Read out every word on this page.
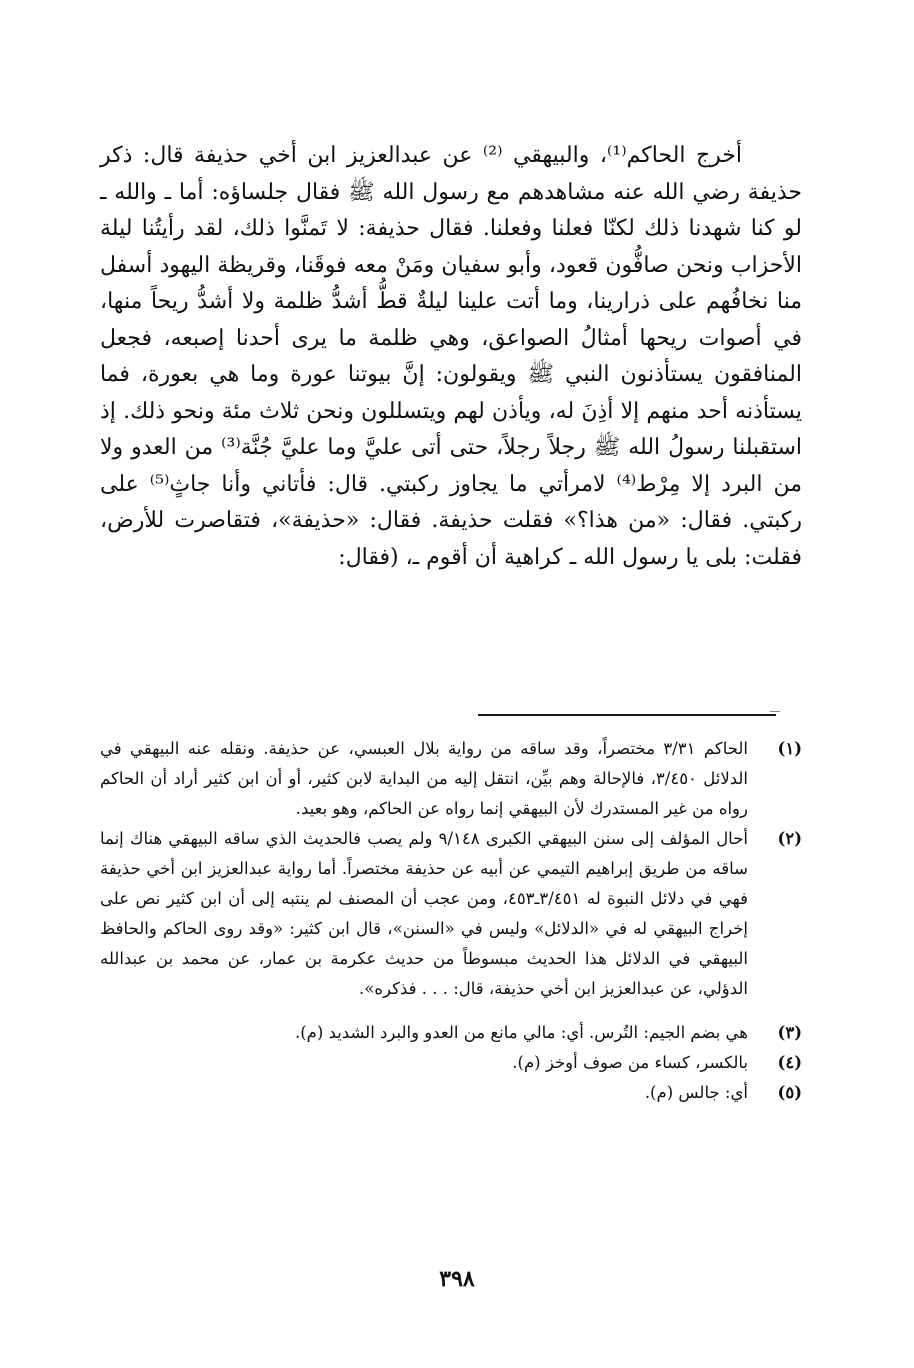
أخرج الحاكم⁽¹⁾، والبيهقي ⁽²⁾ عن عبدالعزيز ابن أخي حذيفة قال: ذكر حذيفة رضي الله عنه مشاهدهم مع رسول الله ﷺ فقال جلساؤه: أما ـ والله ـ لو كنا شهدنا ذلك لكنّا فعلنا وفعلنا. فقال حذيفة: لا تَمنَّوا ذلك، لقد رأيتُنا ليلة الأحزاب ونحن صافُّون قعود، وأبو سفيان ومَنْ معه فوقَنا، وقريظة اليهود أسفل منا نخافُهم على ذرارينا، وما أتت علينا ليلةٌ قطُّ أشدُّ ظلمة ولا أشدُّ ريحاً منها، في أصوات ريحها أمثالُ الصواعق، وهي ظلمة ما يرى أحدنا إصبعه، فجعل المنافقون يستأذنون النبي ﷺ ويقولون: إنَّ بيوتنا عورة وما هي بعورة، فما يستأذنه أحد منهم إلا أذِنَ له، ويأذن لهم ويتسللون ونحن ثلاث مئة ونحو ذلك. إذ استقبلنا رسولُ الله ﷺ رجلاً رجلاً، حتى أتى عليَّ وما عليَّ جُنَّة⁽³⁾ من العدو ولا من البرد إلا مِرْط⁽⁴⁾ لامرأتي ما يجاوز ركبتي. قال: فأتاني وأنا جاثٍ⁽⁵⁾ على ركبتي. فقال: «من هذا؟» فقلت حذيفة. فقال: «حذيفة»، فتقاصرت للأرض، فقلت: بلى يا رسول الله ـ كراهية أن أقوم ـ، (فقال:
(١)
الحاكم ٣/٣١ مختصراً، وقد ساقه من رواية بلال العبسي، عن حذيفة. ونقله عنه البيهقي في الدلائل ٣/٤٥٠، فالإحالة وهم بيِّن، انتقل إليه من البداية لابن كثير، أو أن ابن كثير أراد أن الحاكم رواه من غير المستدرك لأن البيهقي إنما رواه عن الحاكم، وهو بعيد.
(٢)
أحال المؤلف إلى سنن البيهقي الكبرى ٩/١٤٨ ولم يصب فالحديث الذي ساقه البيهقي هناك إنما ساقه من طريق إبراهيم التيمي عن أبيه عن حذيفة مختصراً. أما رواية عبدالعزيز ابن أخي حذيفة فهي في دلائل النبوة له ٣/٤٥١ـ٤٥٣، ومن عجب أن المصنف لم ينتبه إلى أن ابن كثير نص على إخراج البيهقي له في «الدلائل» وليس في «السنن»، قال ابن كثير: «وقد روى الحاكم والحافظ البيهقي في الدلائل هذا الحديث مبسوطاً من حديث عكرمة بن عمار، عن محمد بن عبدالله الدؤلي، عن عبدالعزيز ابن أخي حذيفة، قال: . . . فذكره».
(٣)
هي بضم الجيم: التُرس. أي: مالي مانع من العدو والبرد الشديد (م).
(٤)
بالكسر، كساء من صوف أوخز (م).
(٥)
أي: جالس (م).
٣٩٨
